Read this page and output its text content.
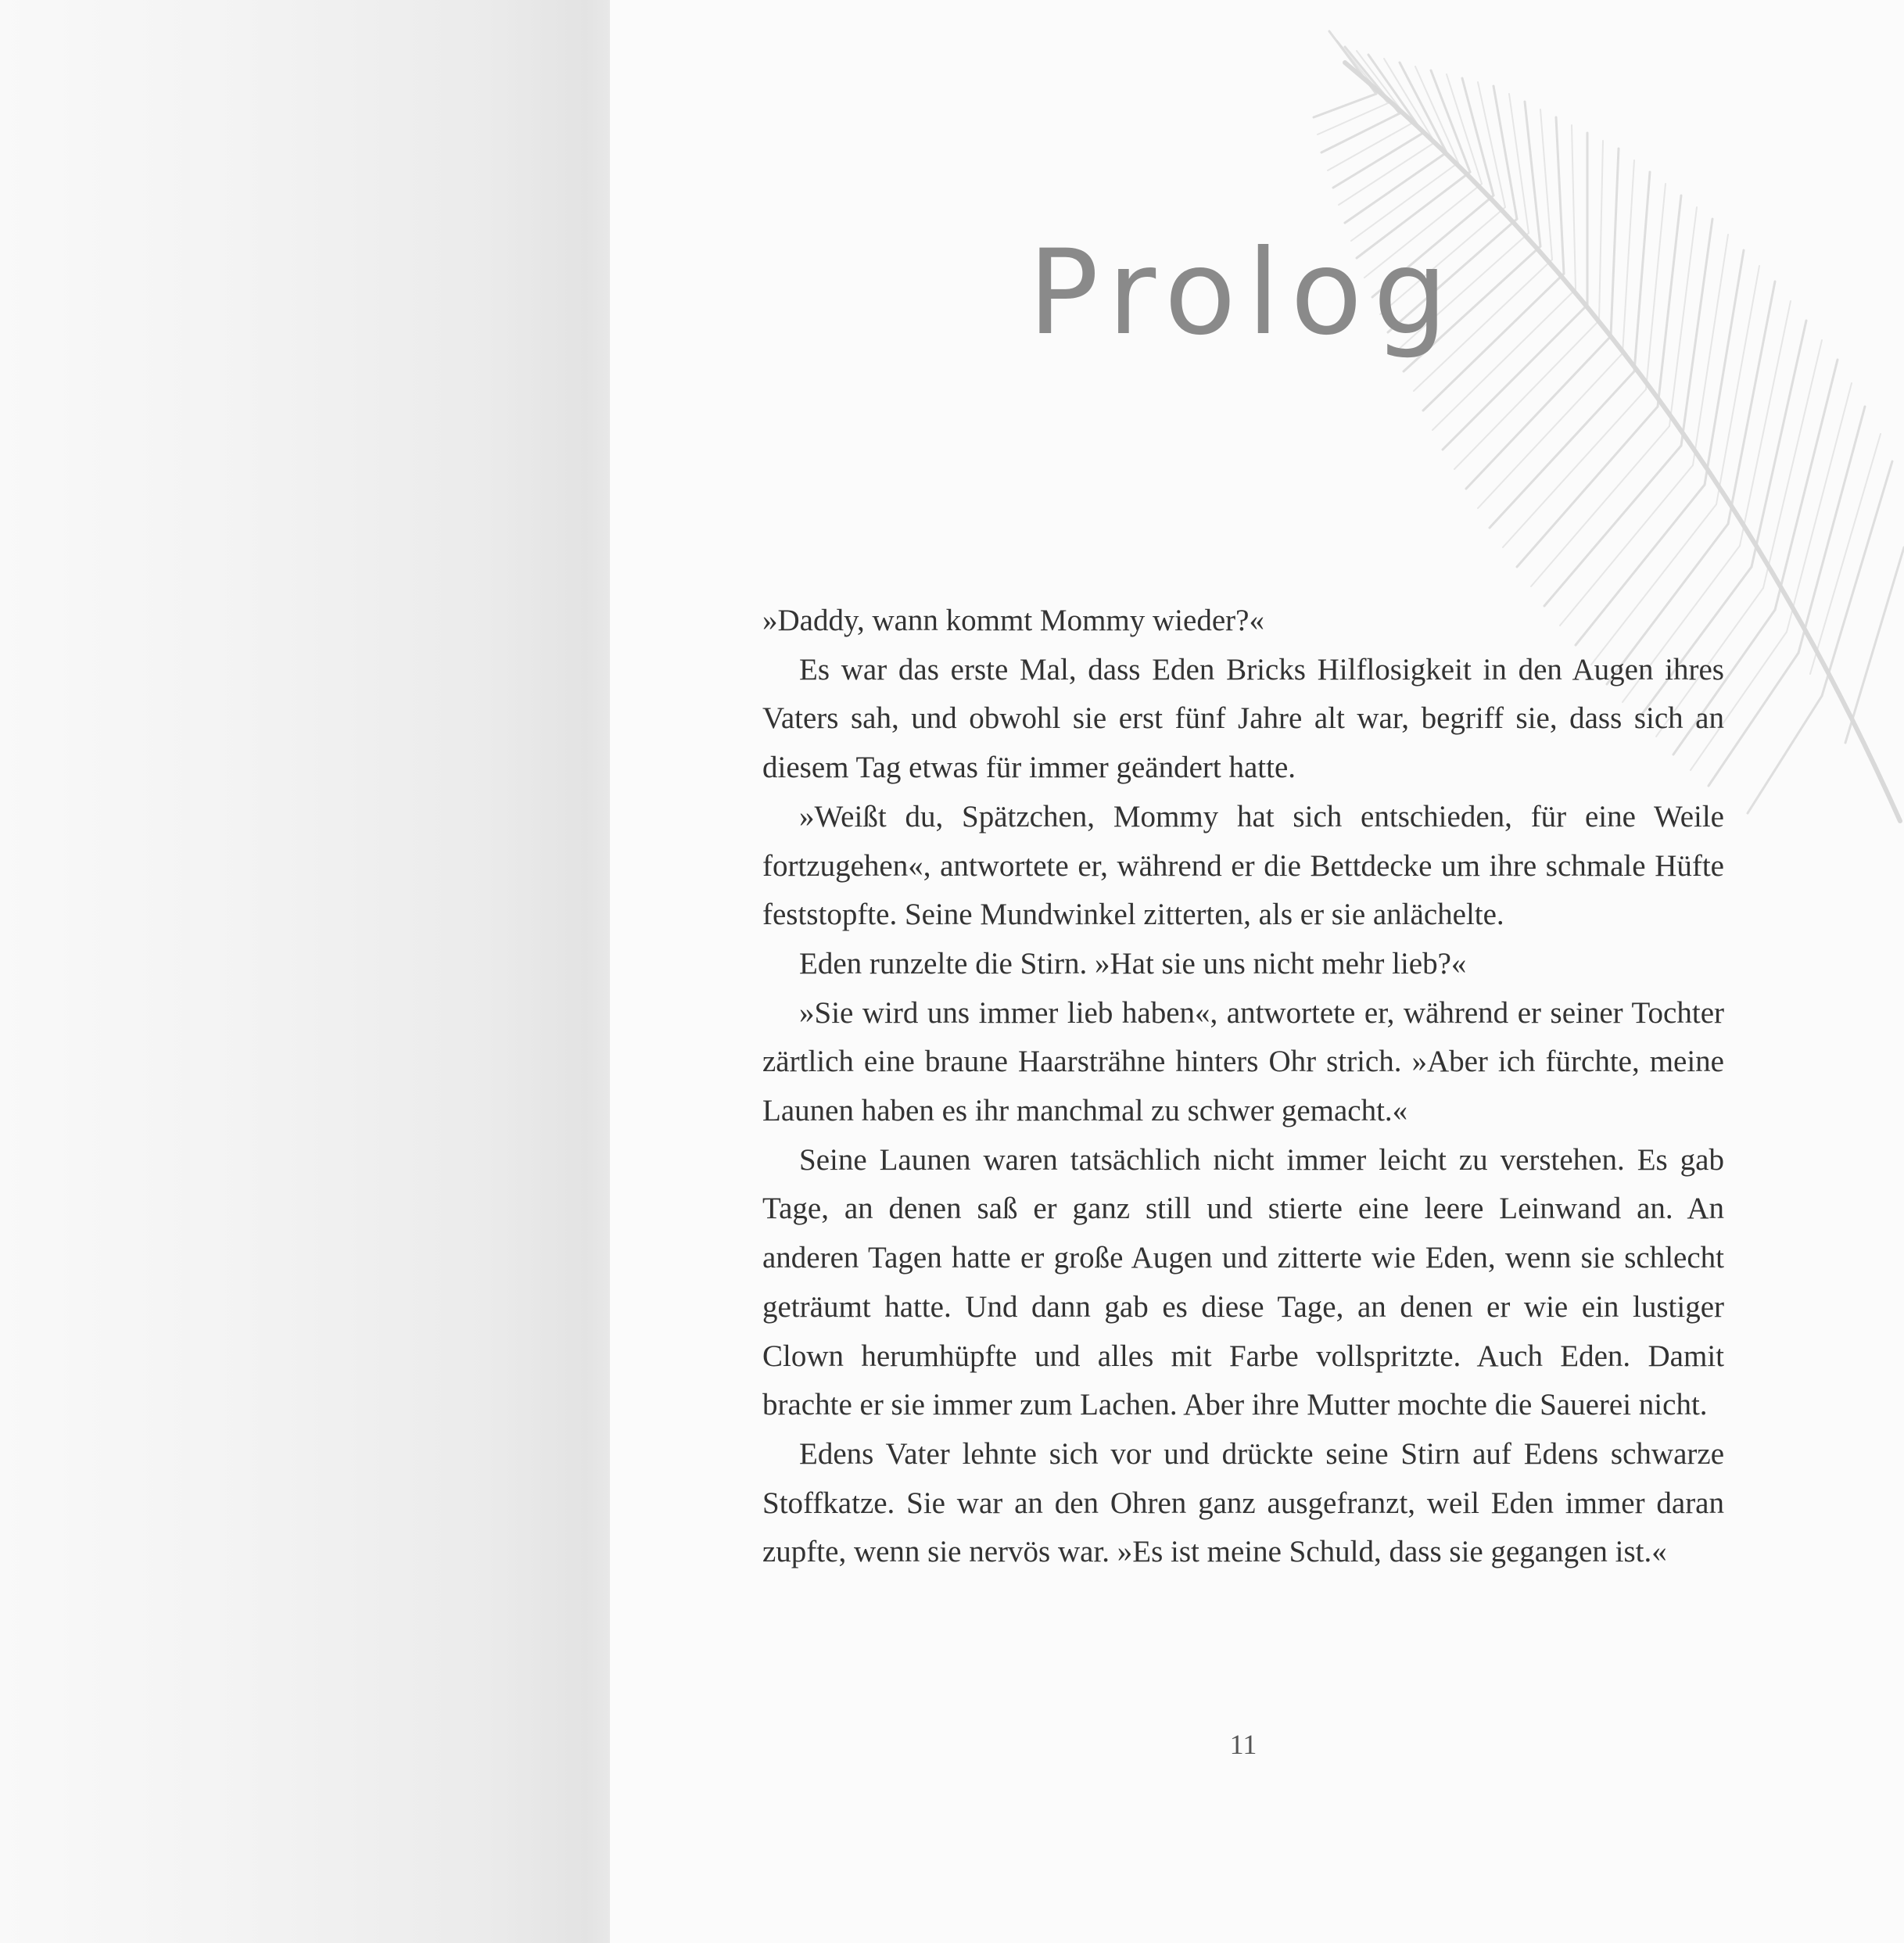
Prolog

»Daddy, wann kommt Mommy wieder?«

Es war das erste Mal, dass Eden Bricks Hilflosigkeit in den Augen ihres Vaters sah, und obwohl sie erst fünf Jahre alt war, begriff sie, dass sich an diesem Tag etwas für immer geändert hatte.

»Weißt du, Spätzchen, Mommy hat sich entschieden, für eine Weile fortzugehen«, antwortete er, während er die Bettdecke um ihre schmale Hüfte feststopfte. Seine Mundwinkel zitterten, als er sie anlächelte.

Eden runzelte die Stirn. »Hat sie uns nicht mehr lieb?«

»Sie wird uns immer lieb haben«, antwortete er, während er seiner Tochter zärtlich eine braune Haarsträhne hinters Ohr strich. »Aber ich fürchte, meine Launen haben es ihr manchmal zu schwer gemacht.«

Seine Launen waren tatsächlich nicht immer leicht zu verstehen. Es gab Tage, an denen saß er ganz still und stierte eine leere Leinwand an. An anderen Tagen hatte er große Augen und zitterte wie Eden, wenn sie schlecht geträumt hatte. Und dann gab es diese Tage, an denen er wie ein lustiger Clown herumhüpfte und alles mit Farbe vollspritzte. Auch Eden. Damit brachte er sie immer zum Lachen. Aber ihre Mutter mochte die Sauerei nicht.

Edens Vater lehnte sich vor und drückte seine Stirn auf Edens schwarze Stoffkatze. Sie war an den Ohren ganz ausgefranzt, weil Eden immer daran zupfte, wenn sie nervös war. »Es ist meine Schuld, dass sie gegangen ist.«

11
